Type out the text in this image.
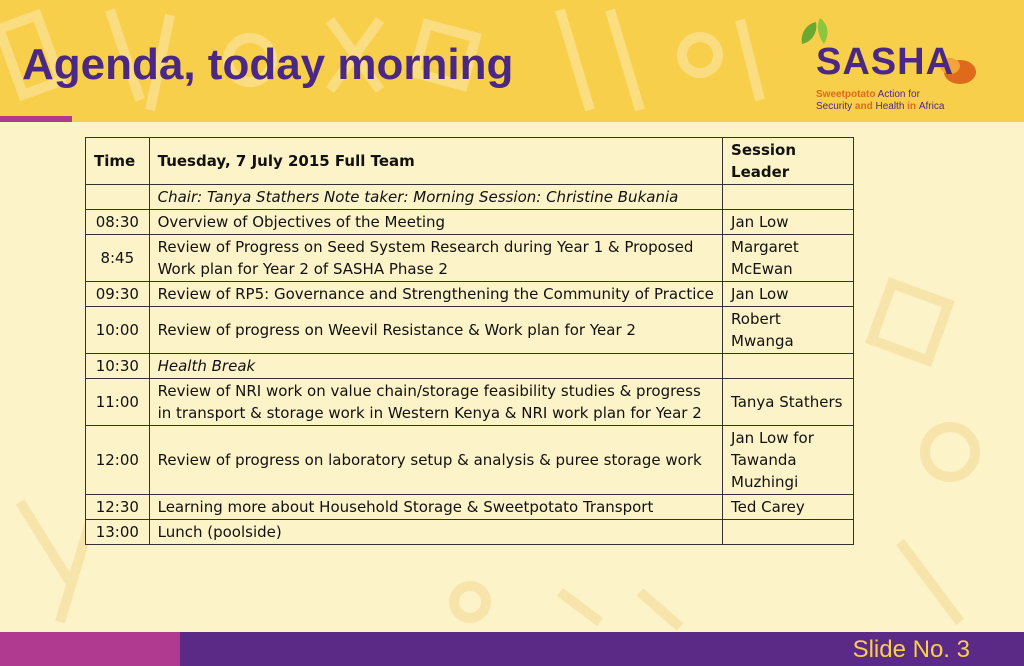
Agenda, today morning	SASHA
Sweetpotato Action for
Security and Health in Africa
Time	Tuesday, 7 July 2015 Full Team	Session Leader
	Chair: Tanya Stathers Note taker: Morning Session: Christine Bukania	
08:30	Overview of Objectives of the Meeting	Jan Low
8:45	Review of Progress on Seed System Research during Year 1 & Proposed Work plan for Year 2 of SASHA Phase 2	Margaret McEwan
09:30	Review of RP5: Governance and Strengthening the Community of Practice	Jan Low
10:00	Review of progress on Weevil Resistance & Work plan for Year 2	Robert Mwanga
10:30	Health Break	
11:00	Review of NRI work on value chain/storage feasibility studies & progress in transport & storage work in Western Kenya & NRI work plan for Year 2	Tanya Stathers
12:00	Review of progress on laboratory setup & analysis & puree storage work	Jan Low for Tawanda Muzhingi
12:30	Learning more about Household Storage & Sweetpotato Transport	Ted Carey
13:00	Lunch (poolside)	

Slide No. 3
